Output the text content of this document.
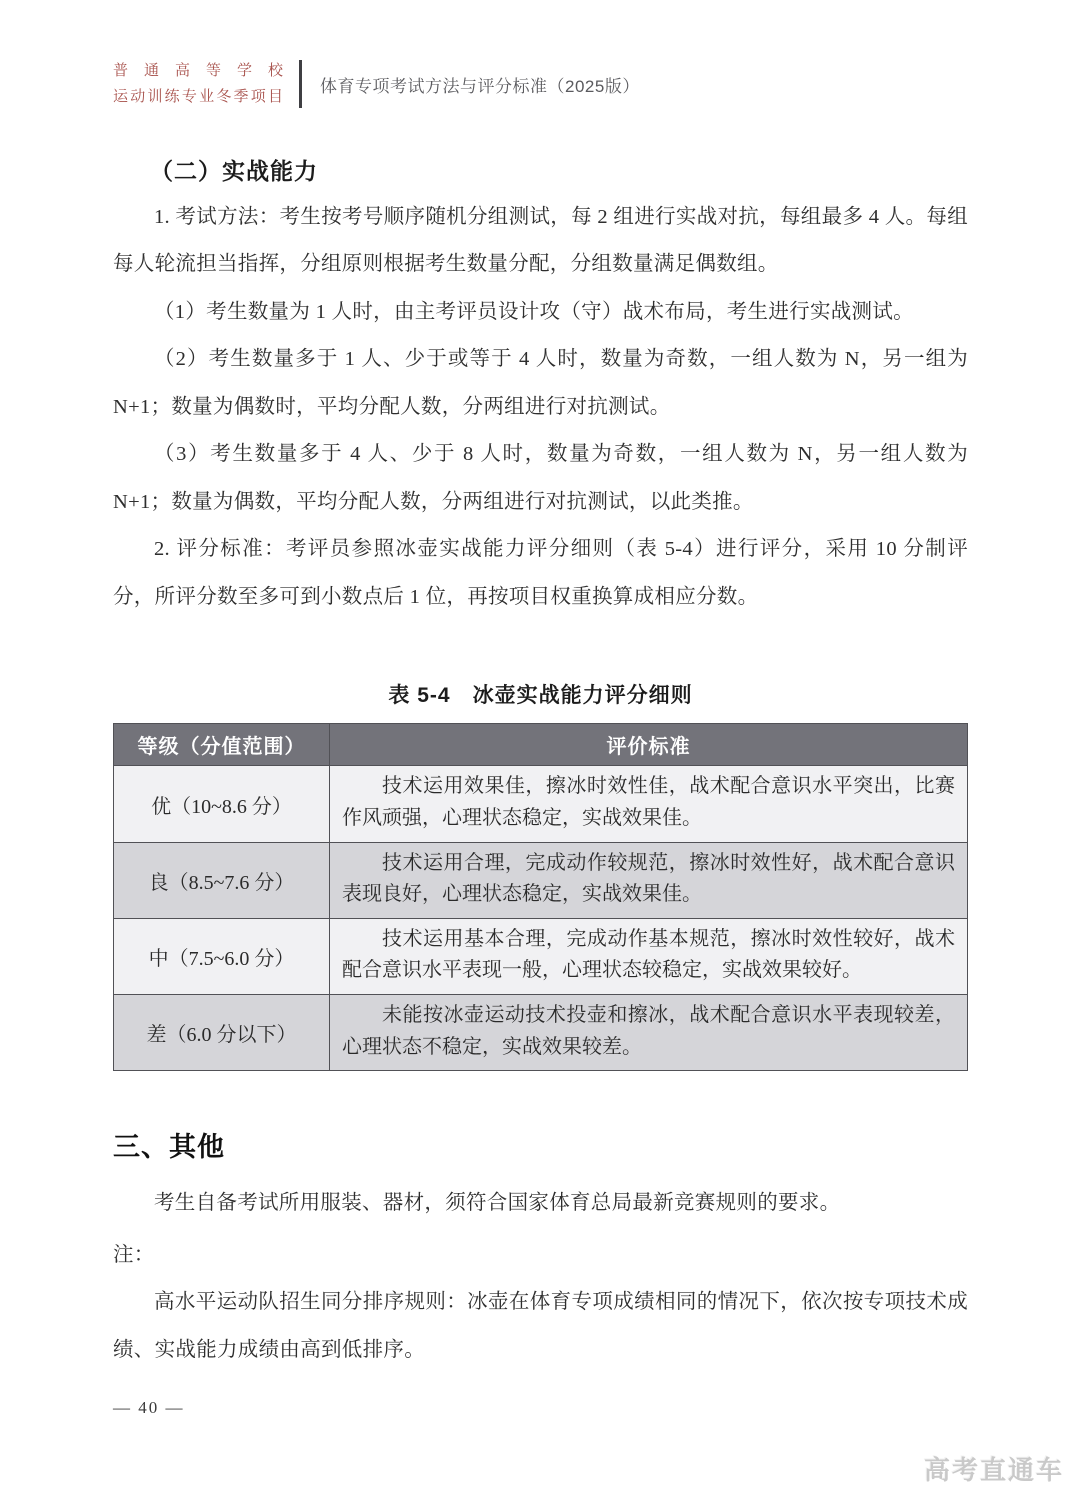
普通高等学校
运动训练专业冬季项目
体育专项考试方法与评分标准（2025版）
（二）实战能力

1. 考试方法：考生按考号顺序随机分组测试，每 2 组进行实战对抗，每组最多 4 人。每组每人轮流担当指挥，分组原则根据考生数量分配，分组数量满足偶数组。

（1）考生数量为 1 人时，由主考评员设计攻（守）战术布局，考生进行实战测试。

（2）考生数量多于 1 人、少于或等于 4 人时，数量为奇数，一组人数为 N，另一组为 N+1；数量为偶数时，平均分配人数，分两组进行对抗测试。

（3）考生数量多于 4 人、少于 8 人时，数量为奇数，一组人数为 N，另一组人数为 N+1；数量为偶数，平均分配人数，分两组进行对抗测试，以此类推。

2. 评分标准：考评员参照冰壶实战能力评分细则（表 5-4）进行评分，采用 10 分制评分，所评分数至多可到小数点后 1 位，再按项目权重换算成相应分数。

表 5-4　冰壶实战能力评分细则
等级（分值范围）	评价标准
优（10~8.6 分）	技术运用效果佳，擦冰时效性佳，战术配合意识水平突出，比赛作风顽强，心理状态稳定，实战效果佳。
良（8.5~7.6 分）	技术运用合理，完成动作较规范，擦冰时效性好，战术配合意识表现良好，心理状态稳定，实战效果佳。
中（7.5~6.0 分）	技术运用基本合理，完成动作基本规范，擦冰时效性较好，战术配合意识水平表现一般，心理状态较稳定，实战效果较好。
差（6.0 分以下）	未能按冰壶运动技术投壶和擦冰，战术配合意识水平表现较差，心理状态不稳定，实战效果较差。
三、其他

考生自备考试所用服装、器材，须符合国家体育总局最新竞赛规则的要求。

注：

高水平运动队招生同分排序规则：冰壶在体育专项成绩相同的情况下，依次按专项技术成绩、实战能力成绩由高到低排序。

— 40 —
高考直通车
